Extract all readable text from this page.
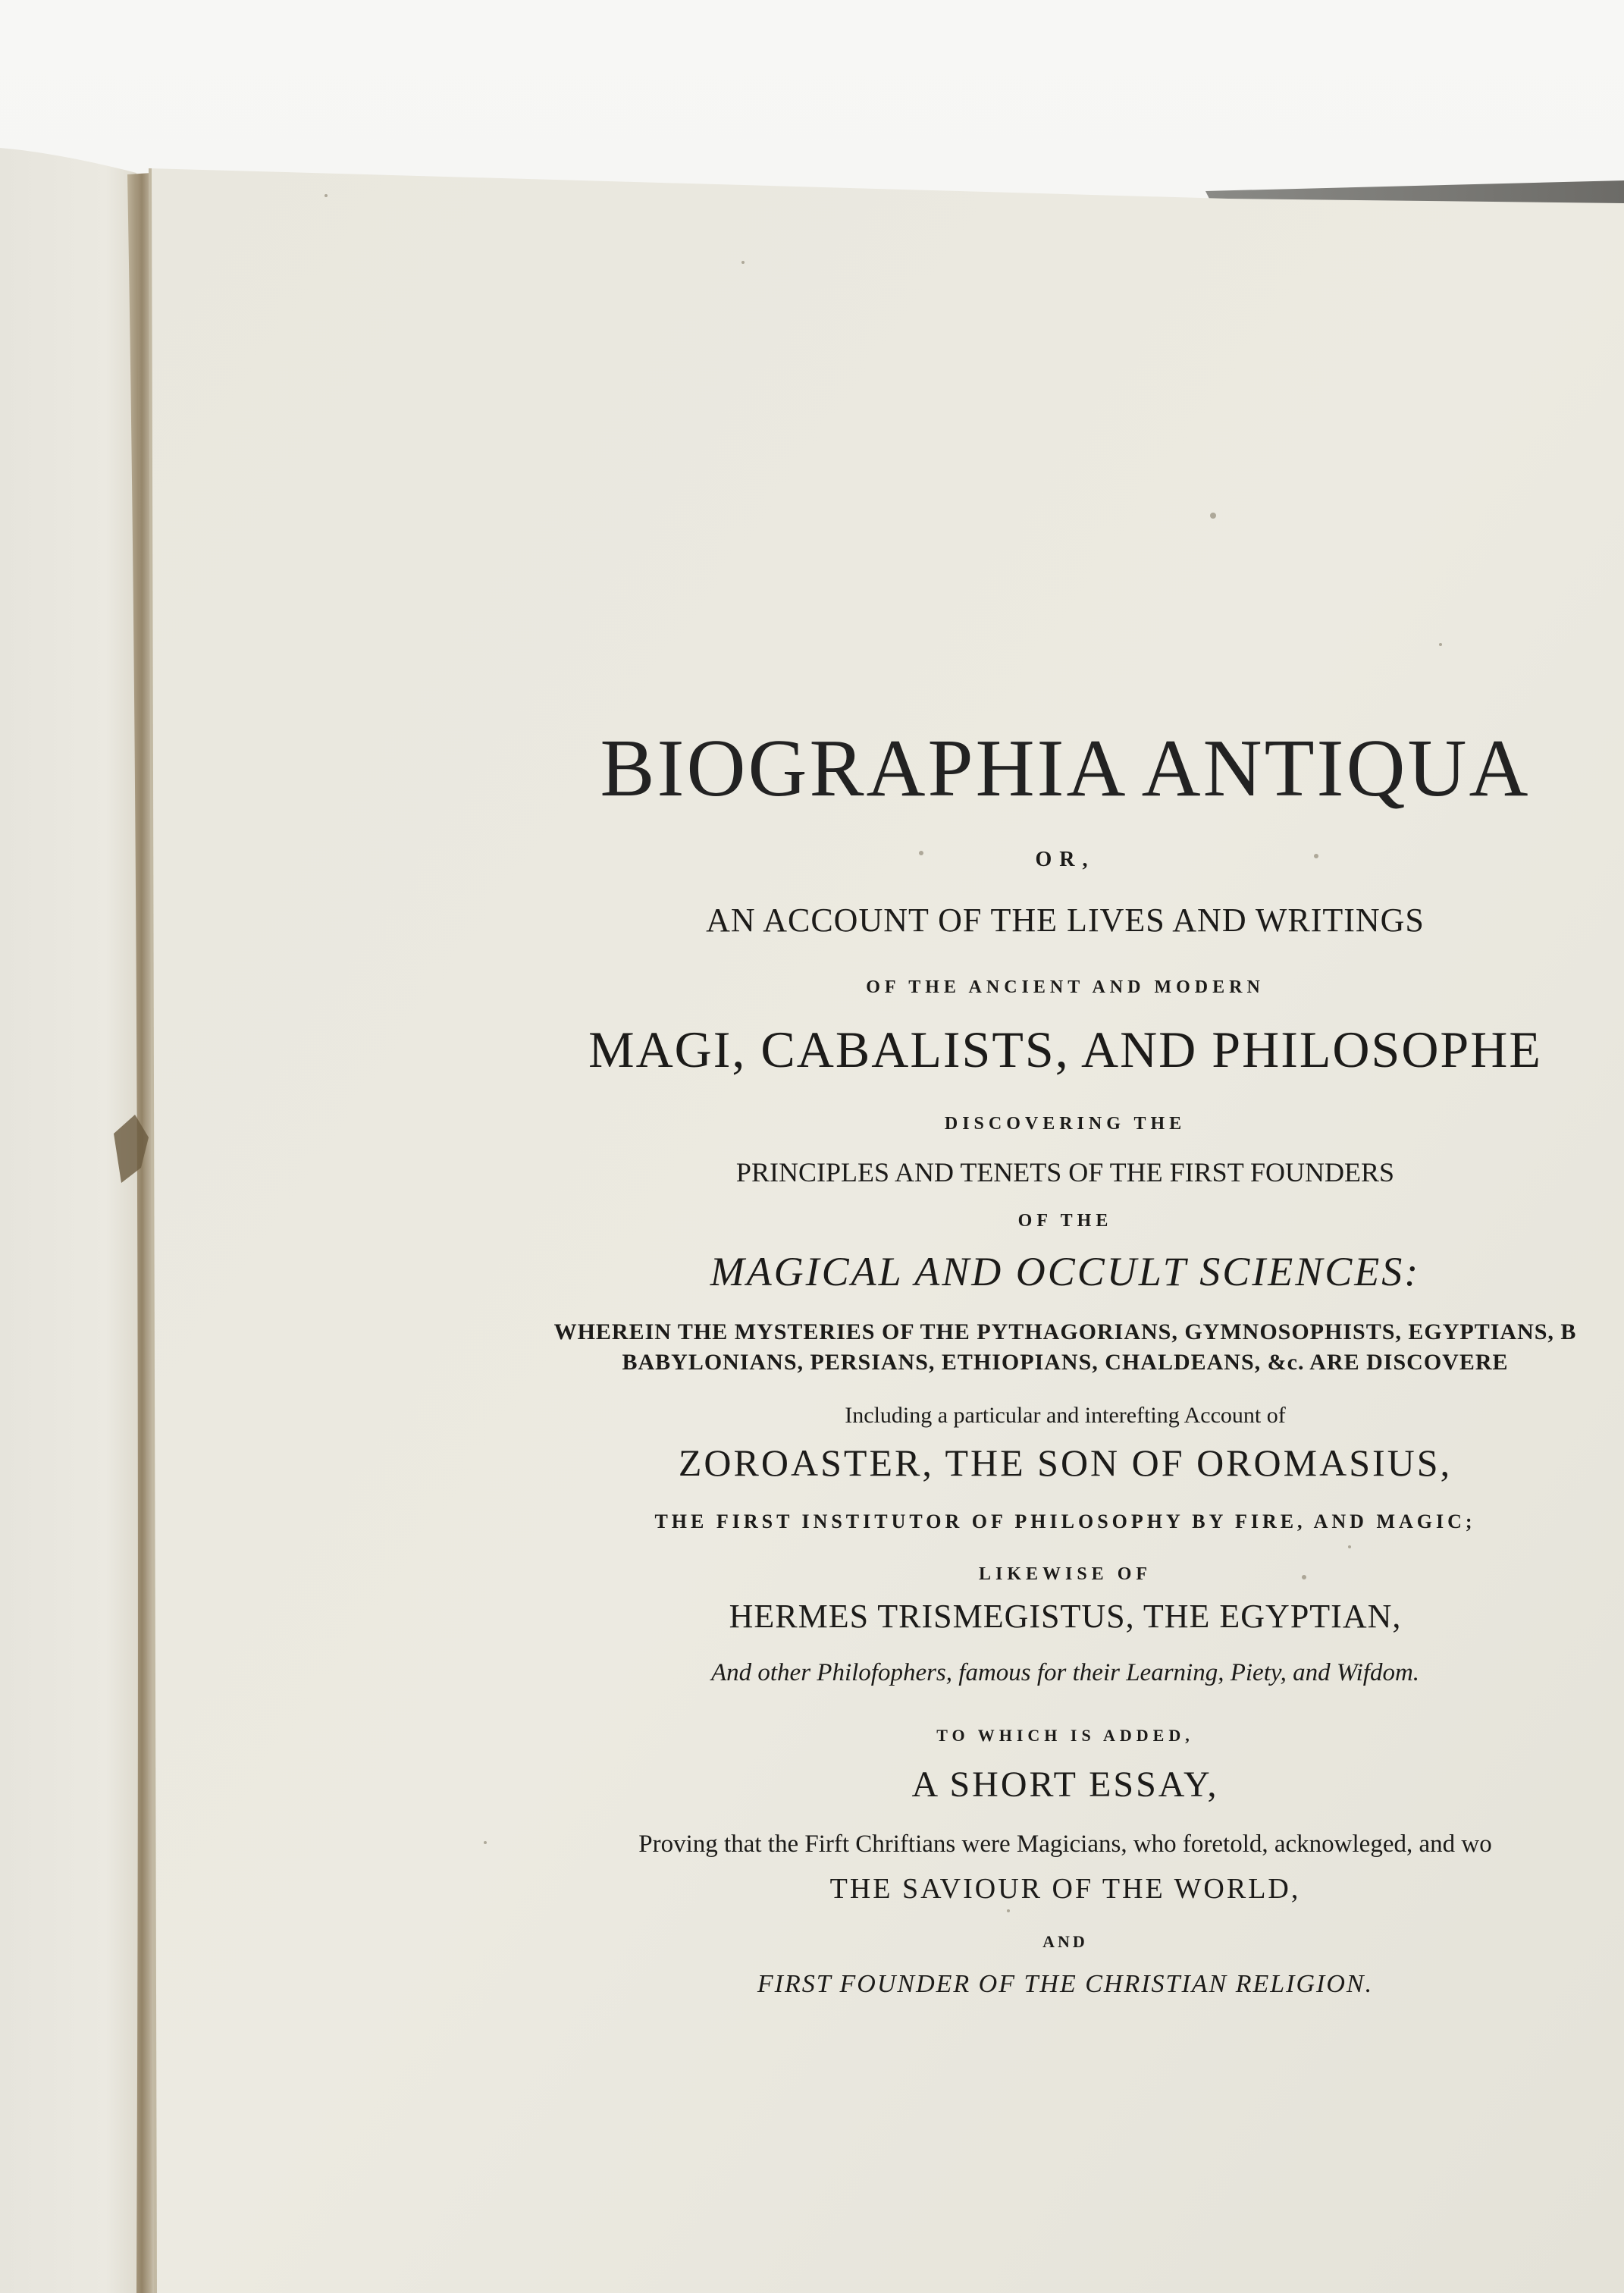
BIOGRAPHIA ANTIQUA
OR,
AN ACCOUNT OF THE LIVES AND WRITINGS
OF THE ANCIENT AND MODERN
MAGI, CABALISTS, AND PHILOSOPHE
DISCOVERING THE
PRINCIPLES AND TENETS OF THE FIRST FOUNDERS
OF THE
MAGICAL AND OCCULT SCIENCES:
WHEREIN THE MYSTERIES OF THE PYTHAGORIANS, GYMNOSOPHISTS, EGYPTIANS, B
BABYLONIANS, PERSIANS, ETHIOPIANS, CHALDEANS, &c. ARE DISCOVERE
Including a particular and interefting Account of
ZOROASTER, THE SON OF OROMASIUS,
THE FIRST INSTITUTOR OF PHILOSOPHY BY FIRE, AND MAGIC;
LIKEWISE OF
HERMES TRISMEGISTUS, THE EGYPTIAN,
And other Philofophers, famous for their Learning, Piety, and Wifdom.
TO WHICH IS ADDED,
A SHORT ESSAY,
Proving that the Firft Chriftians were Magicians, who foretold, acknowleged, and wo
THE SAVIOUR OF THE WORLD,
AND
FIRST FOUNDER OF THE CHRISTIAN RELIGION.
